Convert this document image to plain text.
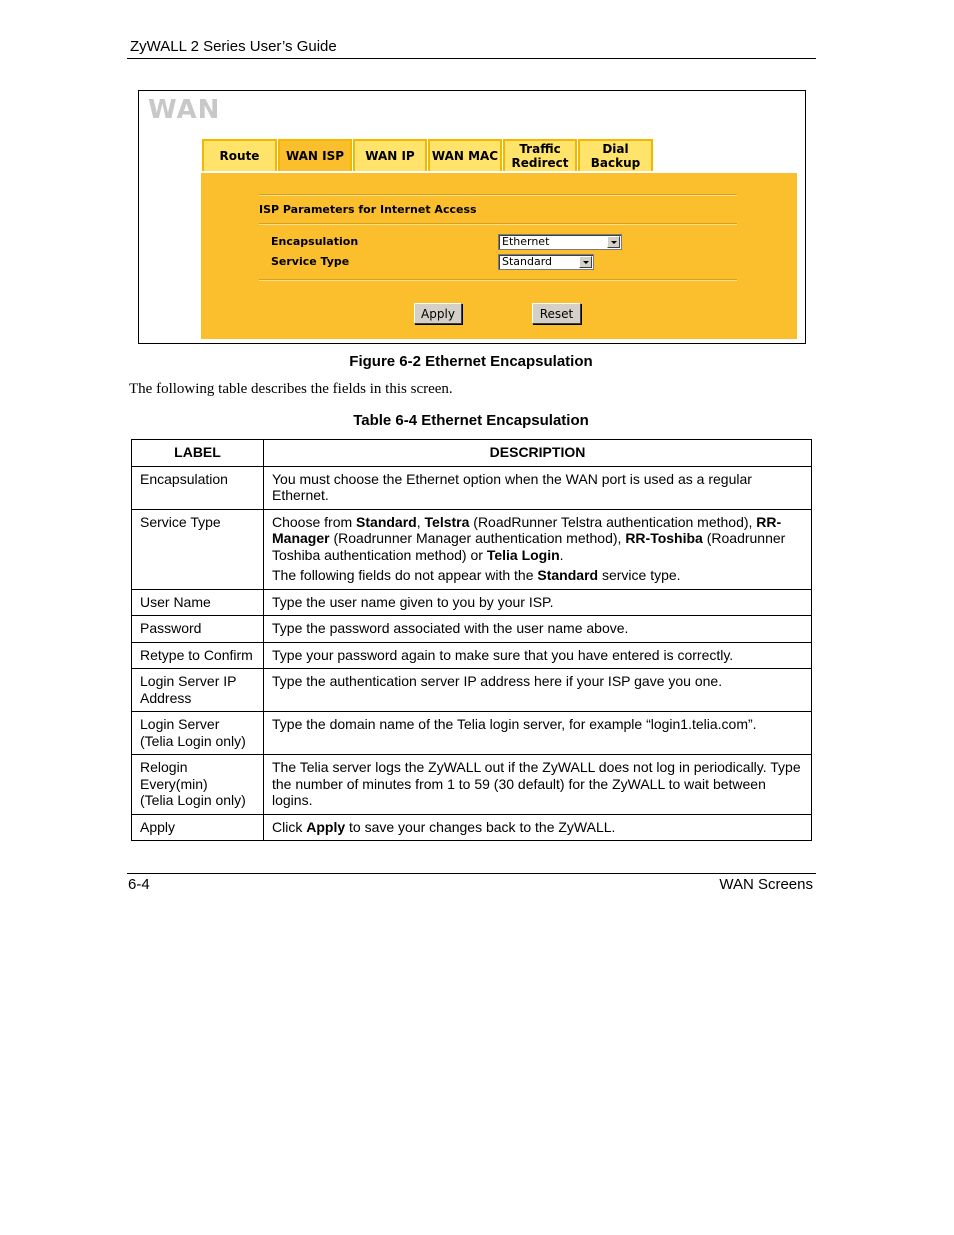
ZyWALL 2 Series User’s Guide
WAN
Route	WAN ISP	WAN IP	WAN MAC	Traffic Redirect
Dial Backup
ISP Parameters for Internet Access
Encapsulation	Ethernet
Service Type	Standard
Apply	Reset
Figure 6-2 Ethernet Encapsulation
The following table describes the fields in this screen.
Table 6-4 Ethernet Encapsulation
LABEL	DESCRIPTION
Encapsulation	You must choose the Ethernet option when the WAN port is used as a regular Ethernet.
Service Type	Choose from Standard, Telstra (RoadRunner Telstra authentication method), RR-Manager (Roadrunner Manager authentication method), RR-Toshiba (Roadrunner Toshiba authentication method) or Telia Login.

The following fields do not appear with the Standard service type.

User Name	Type the user name given to you by your ISP.
Password	Type the password associated with the user name above.
Retype to Confirm	Type your password again to make sure that you have entered is correctly.
Login Server IP Address	Type the authentication server IP address here if your ISP gave you one.
Login Server
(Telia Login only)	Type the domain name of the Telia login server, for example “login1.telia.com”.
Relogin
Every(min)
(Telia Login only)	The Telia server logs the ZyWALL out if the ZyWALL does not log in periodically. Type the number of minutes from 1 to 59 (30 default) for the ZyWALL to wait between logins.
Apply	Click Apply to save your changes back to the ZyWALL.
6-4	WAN Screens
